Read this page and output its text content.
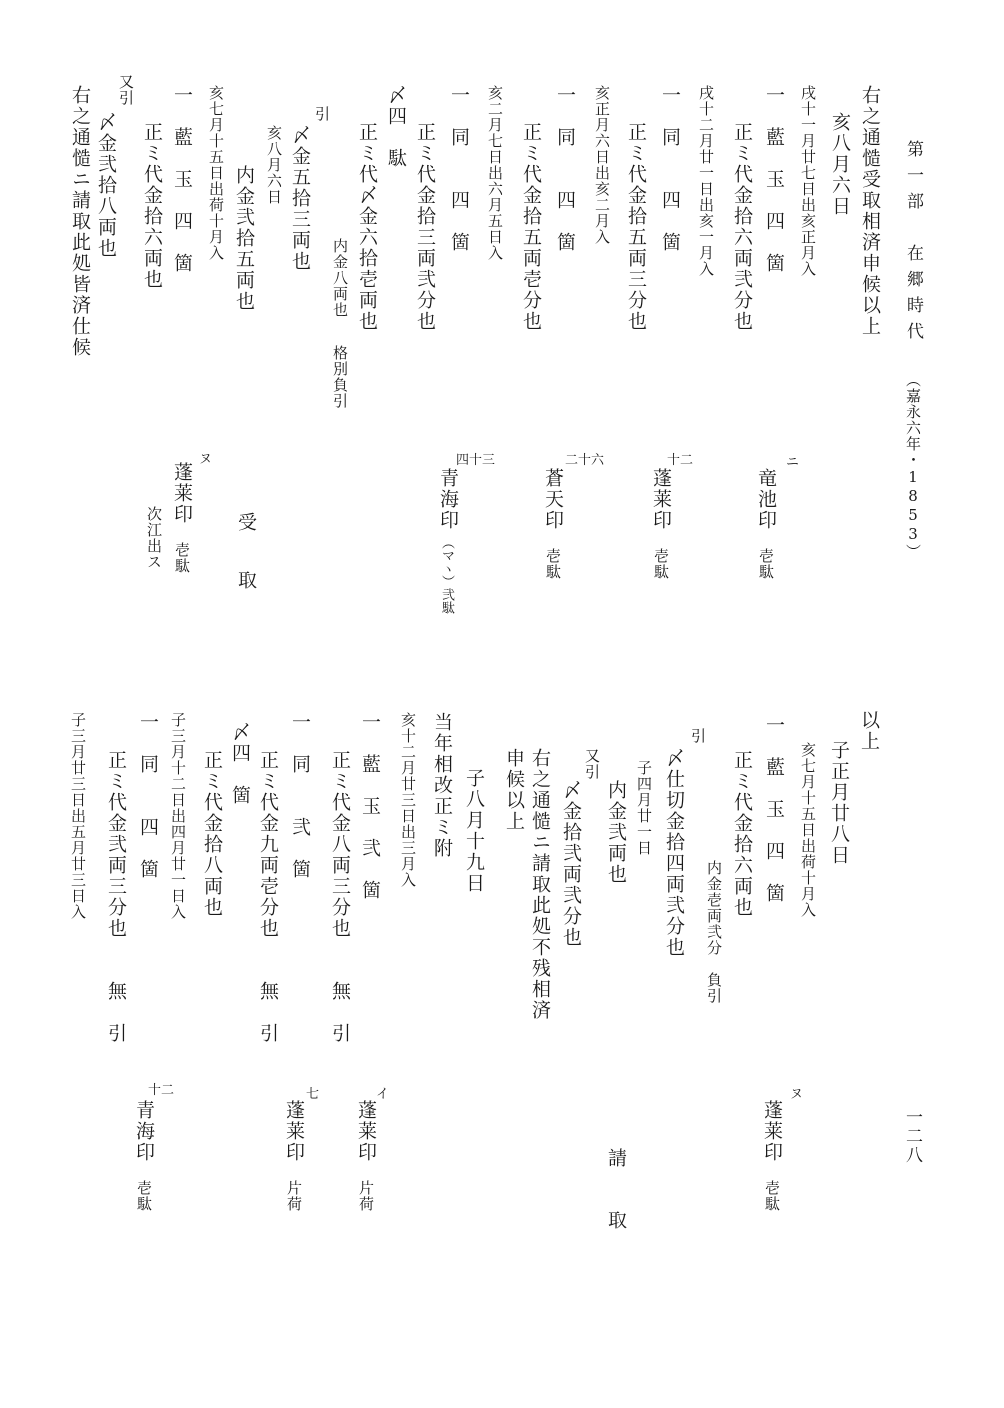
第一部　在郷時代
（嘉永六年・1853）
一二八
右之通慥受取相済申候以上
亥八月六日
戌十一月廿七日出亥正月入
一　藍　玉　四　箇
正ミ代金拾六両弐分也
戌十二月廿一日出亥一月入
一　同　　四　箇
正ミ代金拾五両三分也
亥正月六日出亥二月入
一　同　　四　箇
正ミ代金拾五両壱分也
亥二月七日出六月五日入
一　同　　四　箇
正ミ代金拾三両弐分也
〆四　駄
正ミ代〆金六拾壱両也
内金八両也
格別負引
引
〆金五拾三両也
亥八月六日
内金弐拾五両也
亥七月十五日出荷十月入
一　藍　玉　四　箇
正ミ代金拾六両也
又引
〆金弐拾八両也
右之通慥ニ請取此処皆済仕候
ニ
竜池印
壱駄
十二
蓬莱印
壱駄
二十六
蒼天印
壱駄
四十三
青海印
（マヽ）弐駄
受　取
ヌ
蓬莱印
壱駄
次江出ス
以上
子正月廿八日
亥七月十五日出荷十月入
一　藍　玉　四　箇
正ミ代金拾六両也
内金壱両弐分　負引
引
〆仕切金拾四両弐分也
子四月廿一日
内金弐両也
又引
〆金拾弐両弐分也
右之通慥ニ請取此処不残相済
申候以上
子八月十九日
当年相改正ミ附
亥十二月廿三日出三月入
一　藍　玉　弐　箇
正ミ代金八両三分也　　無　引
一　同　　弐　箇
正ミ代金九両壱分也　　無　引
〆四　箇
正ミ代金拾八両也
子三月十二日出四月廿一日入
一　同　　四　箇
正ミ代金弐両三分也　　無　引
子三月廿三日出五月廿三日入
ヌ
蓬莱印
壱駄
請　取
イ
蓬莱印
片荷
七
蓬莱印
片荷
十二
青海印
壱駄
